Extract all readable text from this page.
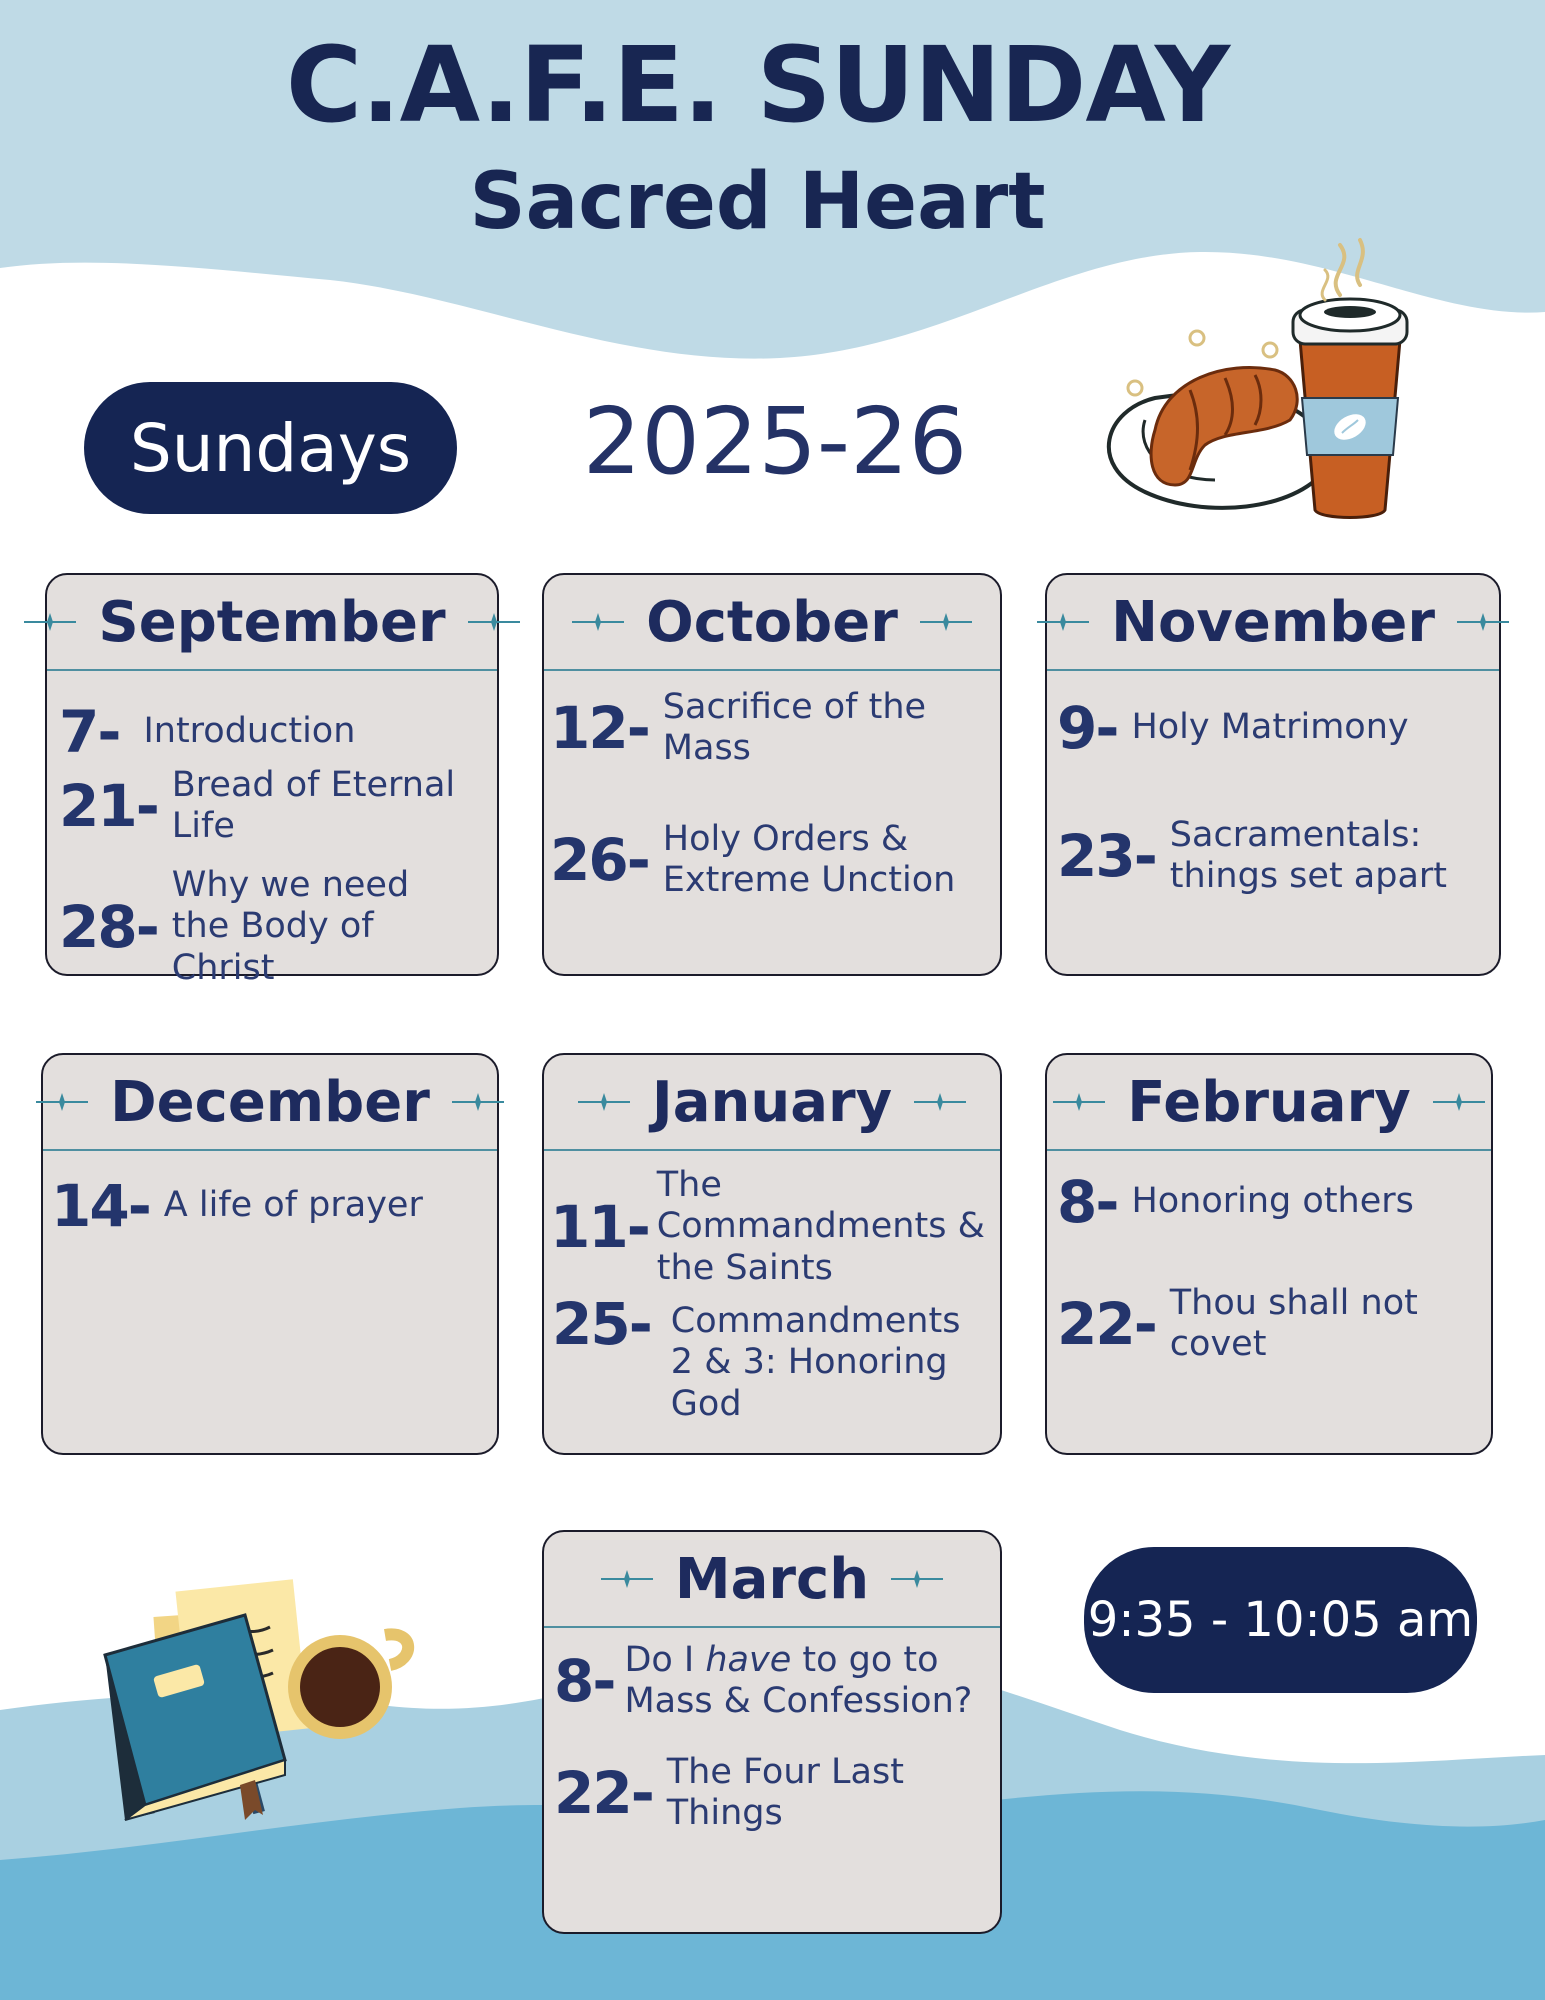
C.A.F.E. SUNDAY
Sacred Heart
Sundays	2025-26
September
7- Introduction
21- Bread of Eternal Life
28-
Why we need the Body of Christ
October
12- Sacrifice of the Mass
26- Holy Orders & Extreme Unction
November
9- Holy Matrimony
23- Sacramentals: things set apart
December
14- A life of prayer
January
11-
The Commandments & the Saints
25- Commandments 2 & 3: Honoring God
February
8- Honoring others
22- Thou shall not covet
March
8- Do I have to go to Mass & Confession?
22- The Four Last Things
9:35 - 10:05 am
